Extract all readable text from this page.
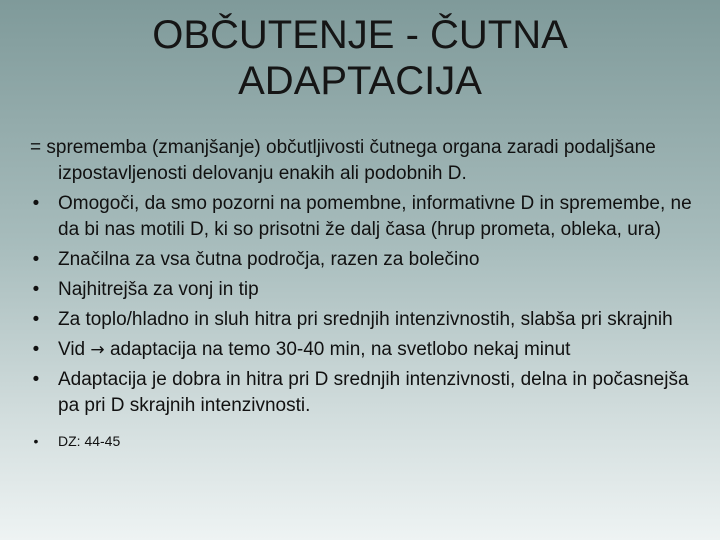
OBČUTENJE - ČUTNA
ADAPTACIJA

= sprememba (zmanjšanje) občutljivosti čutnega organa zaradi podaljšane izpostavljenosti delovanju enakih ali podobnih D.

• Omogoči, da smo pozorni na pomembne, informativne D in spremembe, ne da bi nas motili D, ki so prisotni že dalj časa (hrup prometa, obleka, ura)
• Značilna za vsa čutna področja, razen za bolečino
• Najhitrejša za vonj in tip
• Za toplo/hladno in sluh hitra pri srednjih intenzivnostih, slabša pri skrajnih
• Vid → adaptacija na temo 30-40 min, na svetlobo nekaj minut
• Adaptacija je dobra in hitra pri D srednjih intenzivnosti, delna in počasnejša pa pri D skrajnih intenzivnosti.
• DZ: 44-45
